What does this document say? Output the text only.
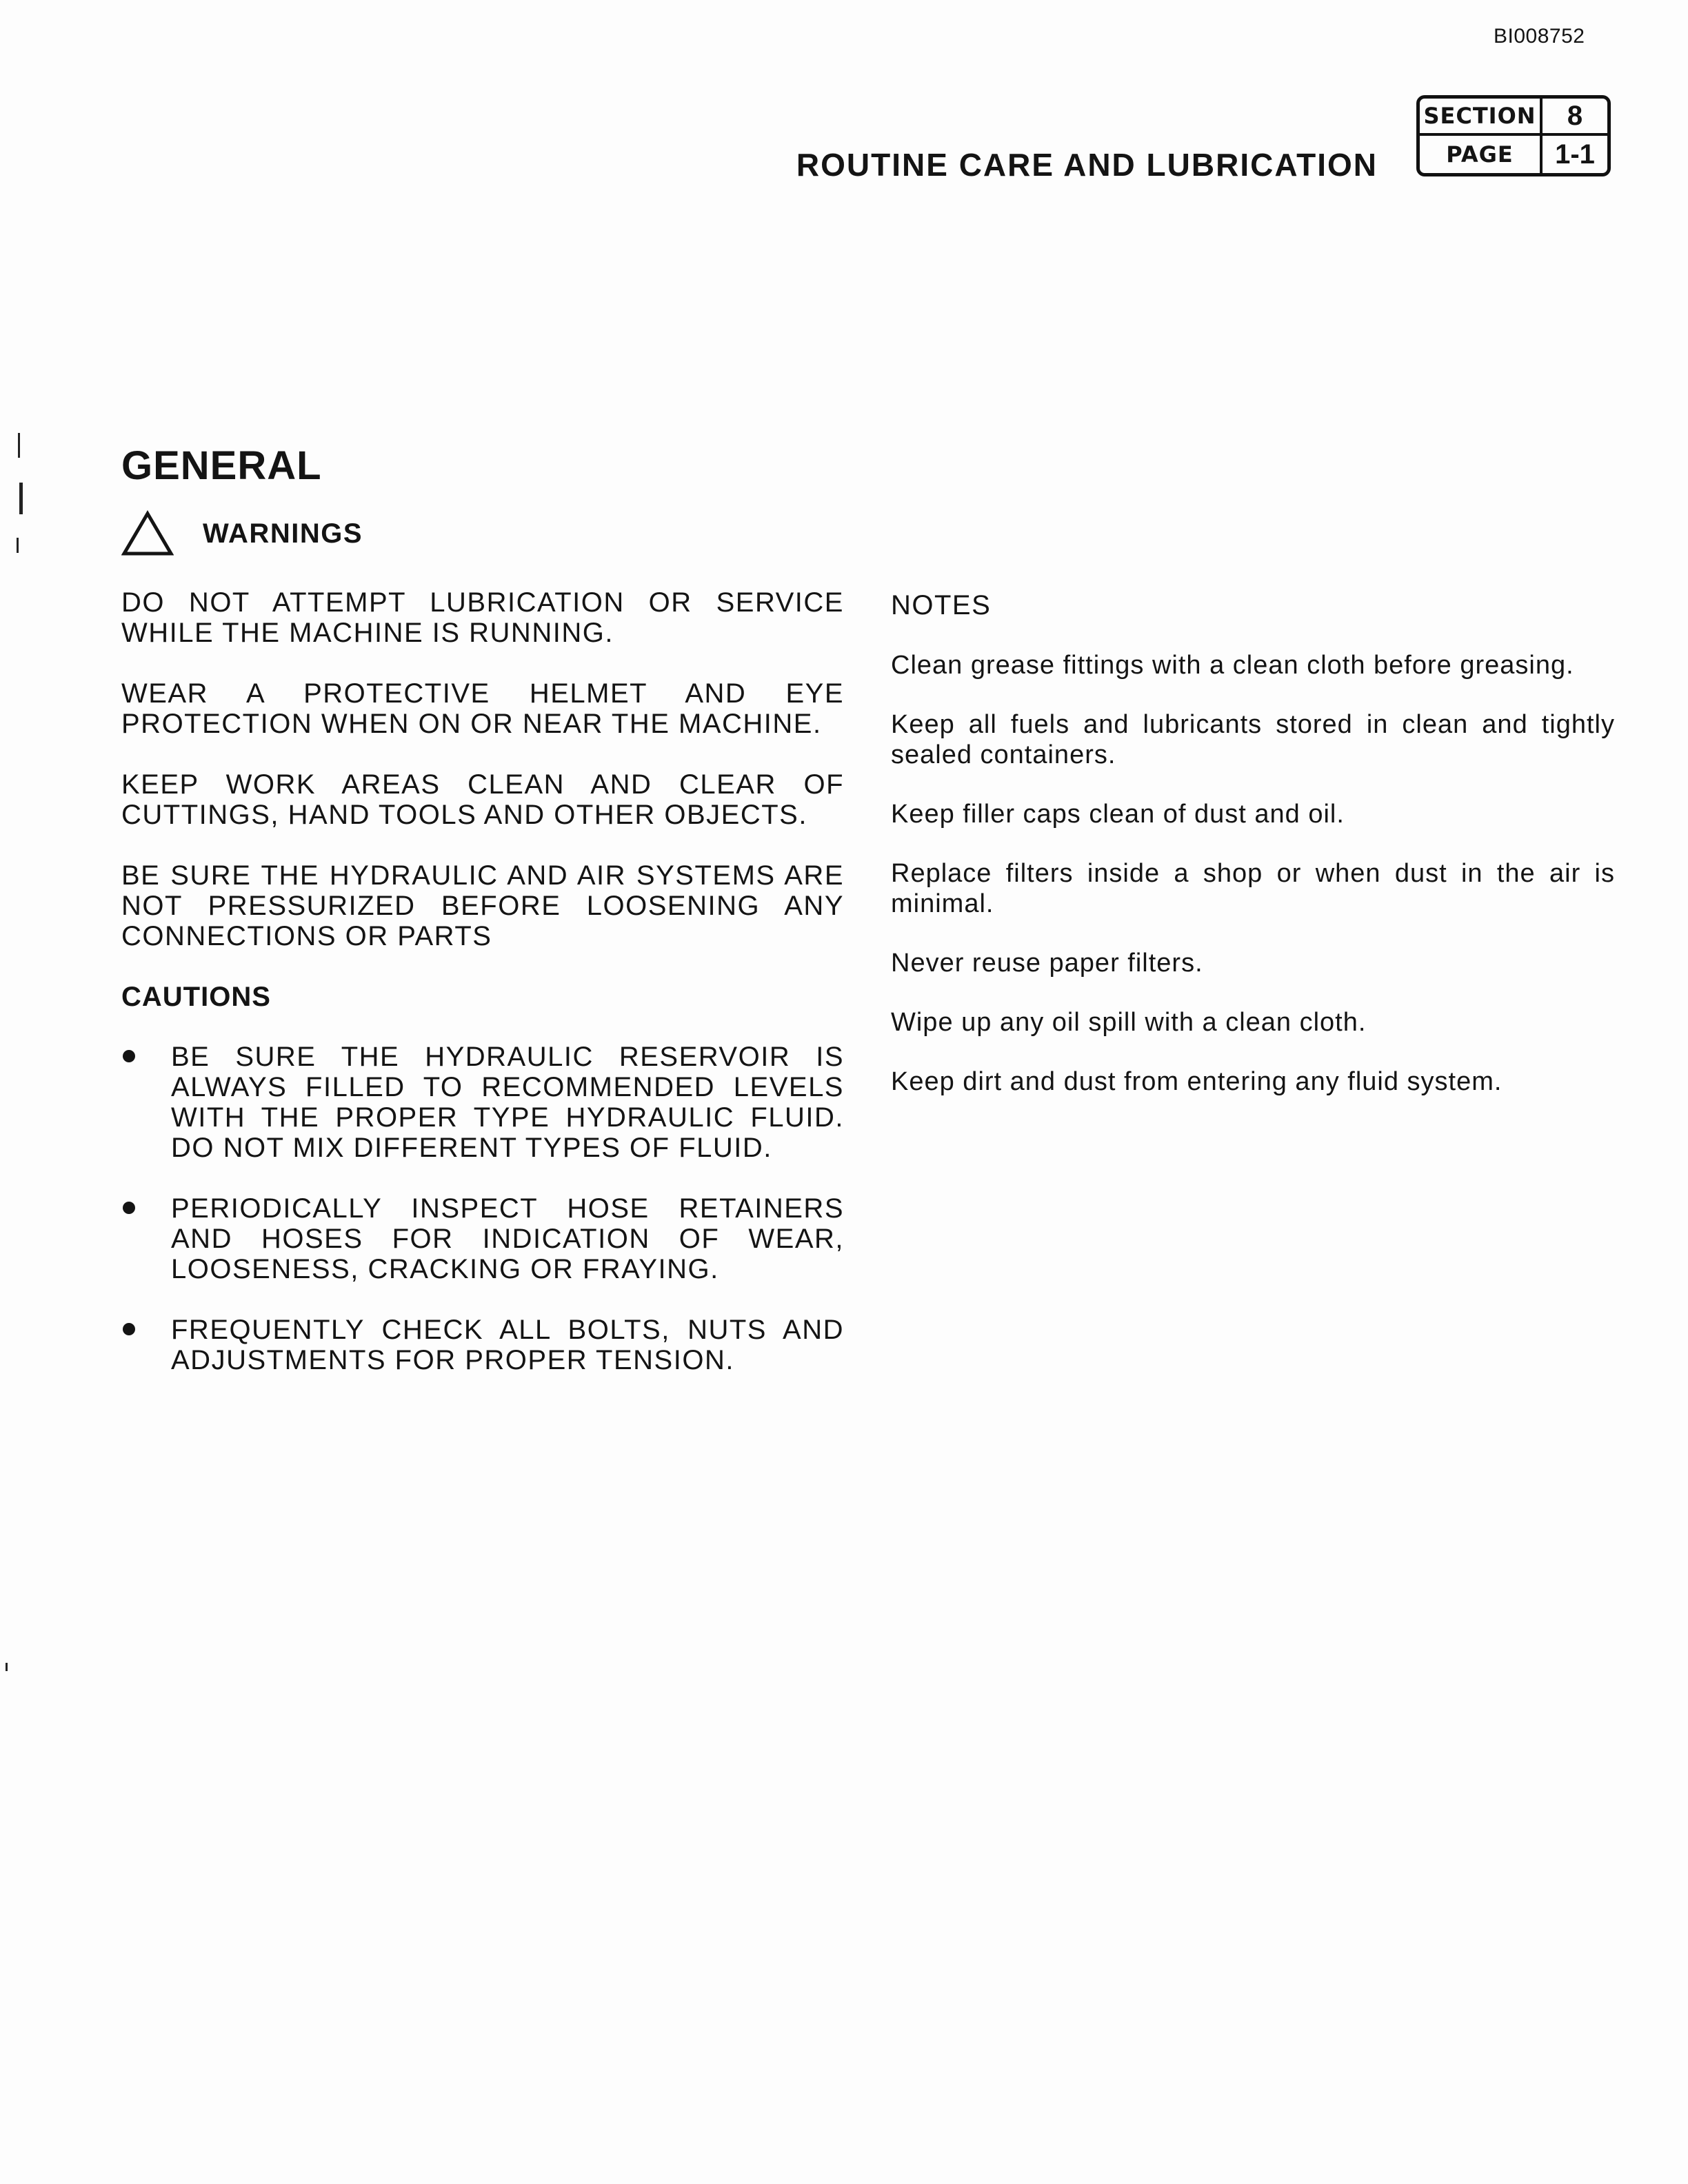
BI008752
SECTION	8
PAGE	1-1
ROUTINE CARE AND LUBRICATION
GENERAL
WARNINGS

DO NOT ATTEMPT LUBRICATION OR SERVICE WHILE THE MACHINE IS RUNNING.

WEAR A PROTECTIVE HELMET AND EYE PROTECTION WHEN ON OR NEAR THE MACHINE.

KEEP WORK AREAS CLEAN AND CLEAR OF CUTTINGS, HAND TOOLS AND OTHER OBJECTS.

BE SURE THE HYDRAULIC AND AIR SYSTEMS ARE NOT PRESSURIZED BEFORE LOOSENING ANY CONNECTIONS OR PARTS

CAUTIONS
BE SURE THE HYDRAULIC RESERVOIR IS ALWAYS FILLED TO RECOMMENDED LEVELS WITH THE PROPER TYPE HYDRAULIC FLUID. DO NOT MIX DIFFERENT TYPES OF FLUID.
PERIODICALLY INSPECT HOSE RETAINERS AND HOSES FOR INDICATION OF WEAR, LOOSENESS, CRACKING OR FRAYING.
FREQUENTLY CHECK ALL BOLTS, NUTS AND ADJUSTMENTS FOR PROPER TENSION.
NOTES

Clean grease fittings with a clean cloth before greasing.

Keep all fuels and lubricants stored in clean and tightly sealed containers.

Keep filler caps clean of dust and oil.

Replace filters inside a shop or when dust in the air is minimal.

Never reuse paper filters.

Wipe up any oil spill with a clean cloth.

Keep dirt and dust from entering any fluid system.
